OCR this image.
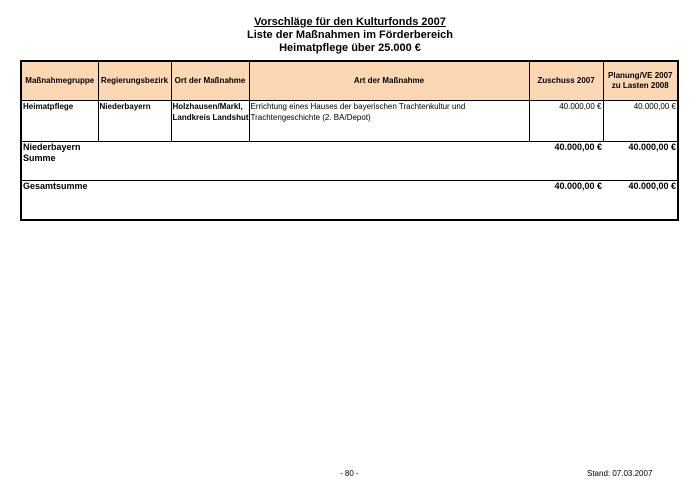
Vorschläge für den Kulturfonds 2007
Liste der Maßnahmen im Förderbereich
Heimatpflege über 25.000 €
Maßnahmegruppe	Regierungsbezirk	Ort der Maßnahme	Art der Maßnahme	Zuschuss 2007	Planung/VE 2007 zu Lasten 2008
Heimatpflege	Niederbayern	Holzhausen/Markl, Landkreis Landshut	Errichtung eines Hauses der bayerischen Trachtenkultur und Trachtengeschichte (2. BA/Depot)	40.000,00 €	40.000,00 €

Niederbayern Summe				40.000,00 €	40.000,00 €
Gesamtsumme				40.000,00 €	40.000,00 €
- 80 -	Stand: 07.03.2007
